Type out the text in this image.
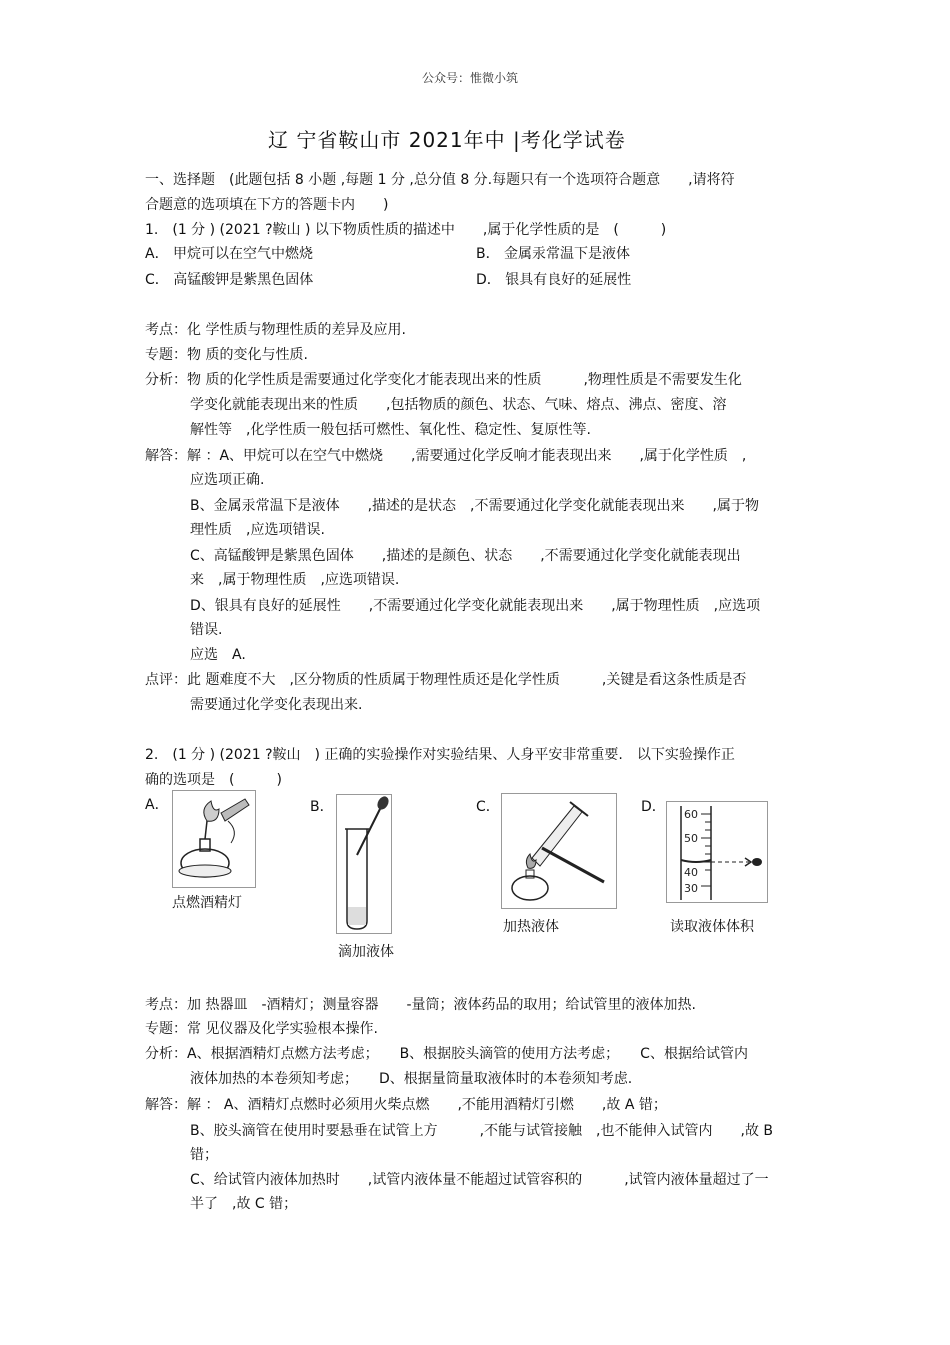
公众号：惟微小筑
辽 宁省鞍山市 2021年中 |考化学试卷
一、选择题　(此题包括 8 小题 ,每题 1 分 ,总分值 8 分.每题只有一个选项符合题意　　,请将符
合题意的选项填在下方的答题卡内　　)
1.　(1 分 ) (2021 ?鞍山 ) 以下物质性质的描述中　　,属于化学性质的是　(　　　)
A． 甲烷可以在空气中燃烧	B． 金属汞常温下是液体
C． 高锰酸钾是紫黑色固体	D． 银具有良好的延展性
考点：化 学性质与物理性质的差异及应用.
专题：物 质的变化与性质.
分析：物 质的化学性质是需要通过化学变化才能表现出来的性质　　　,物理性质是不需要发生化
学变化就能表现出来的性质　　,包括物质的颜色、状态、气味、熔点、沸点、密度、溶
解性等　,化学性质一般包括可燃性、氧化性、稳定性、复原性等.
解答：解 ：A、甲烷可以在空气中燃烧　　,需要通过化学反响才能表现出来　　,属于化学性质　,
应选项正确.
B、金属汞常温下是液体　　,描述的是状态　,不需要通过化学变化就能表现出来　　,属于物
理性质　,应选项错误.
C、高锰酸钾是紫黑色固体　　,描述的是颜色、状态　　,不需要通过化学变化就能表现出
来　,属于物理性质　,应选项错误.
D、银具有良好的延展性　　,不需要通过化学变化就能表现出来　　,属于物理性质　,应选项
错误.
应选　A.
点评：此 题难度不大　,区分物质的性质属于物理性质还是化学性质　　　,关键是看这条性质是否
需要通过化学变化表现出来.
2.　(1 分 ) (2021 ?鞍山　) 正确的实验操作对实验结果、人身平安非常重要.　以下实验操作正
确的选项是　(　　　)
A．
点燃酒精灯
B．
滴加液体
C．
加热液体
D． 60
50
40
30
读取液体体积
考点：加 热器皿　-酒精灯；测量容器　　-量筒；液体药品的取用；给试管里的液体加热.
专题：常 见仪器及化学实验根本操作.
分析：A、根据酒精灯点燃方法考虑；　　B、根据胶头滴管的使用方法考虑；　　C、根据给试管内
液体加热的本卷须知考虑；　　D、根据量筒量取液体时的本卷须知考虑.
解答：解 ： A、酒精灯点燃时必须用火柴点燃　　,不能用酒精灯引燃　　,故 A 错；
B、胶头滴管在使用时要悬垂在试管上方　　　,不能与试管接触　,也不能伸入试管内　　,故 B
错；
C、给试管内液体加热时　　,试管内液体量不能超过试管容积的　　　,试管内液体量超过了一
半了　,故 C 错；
